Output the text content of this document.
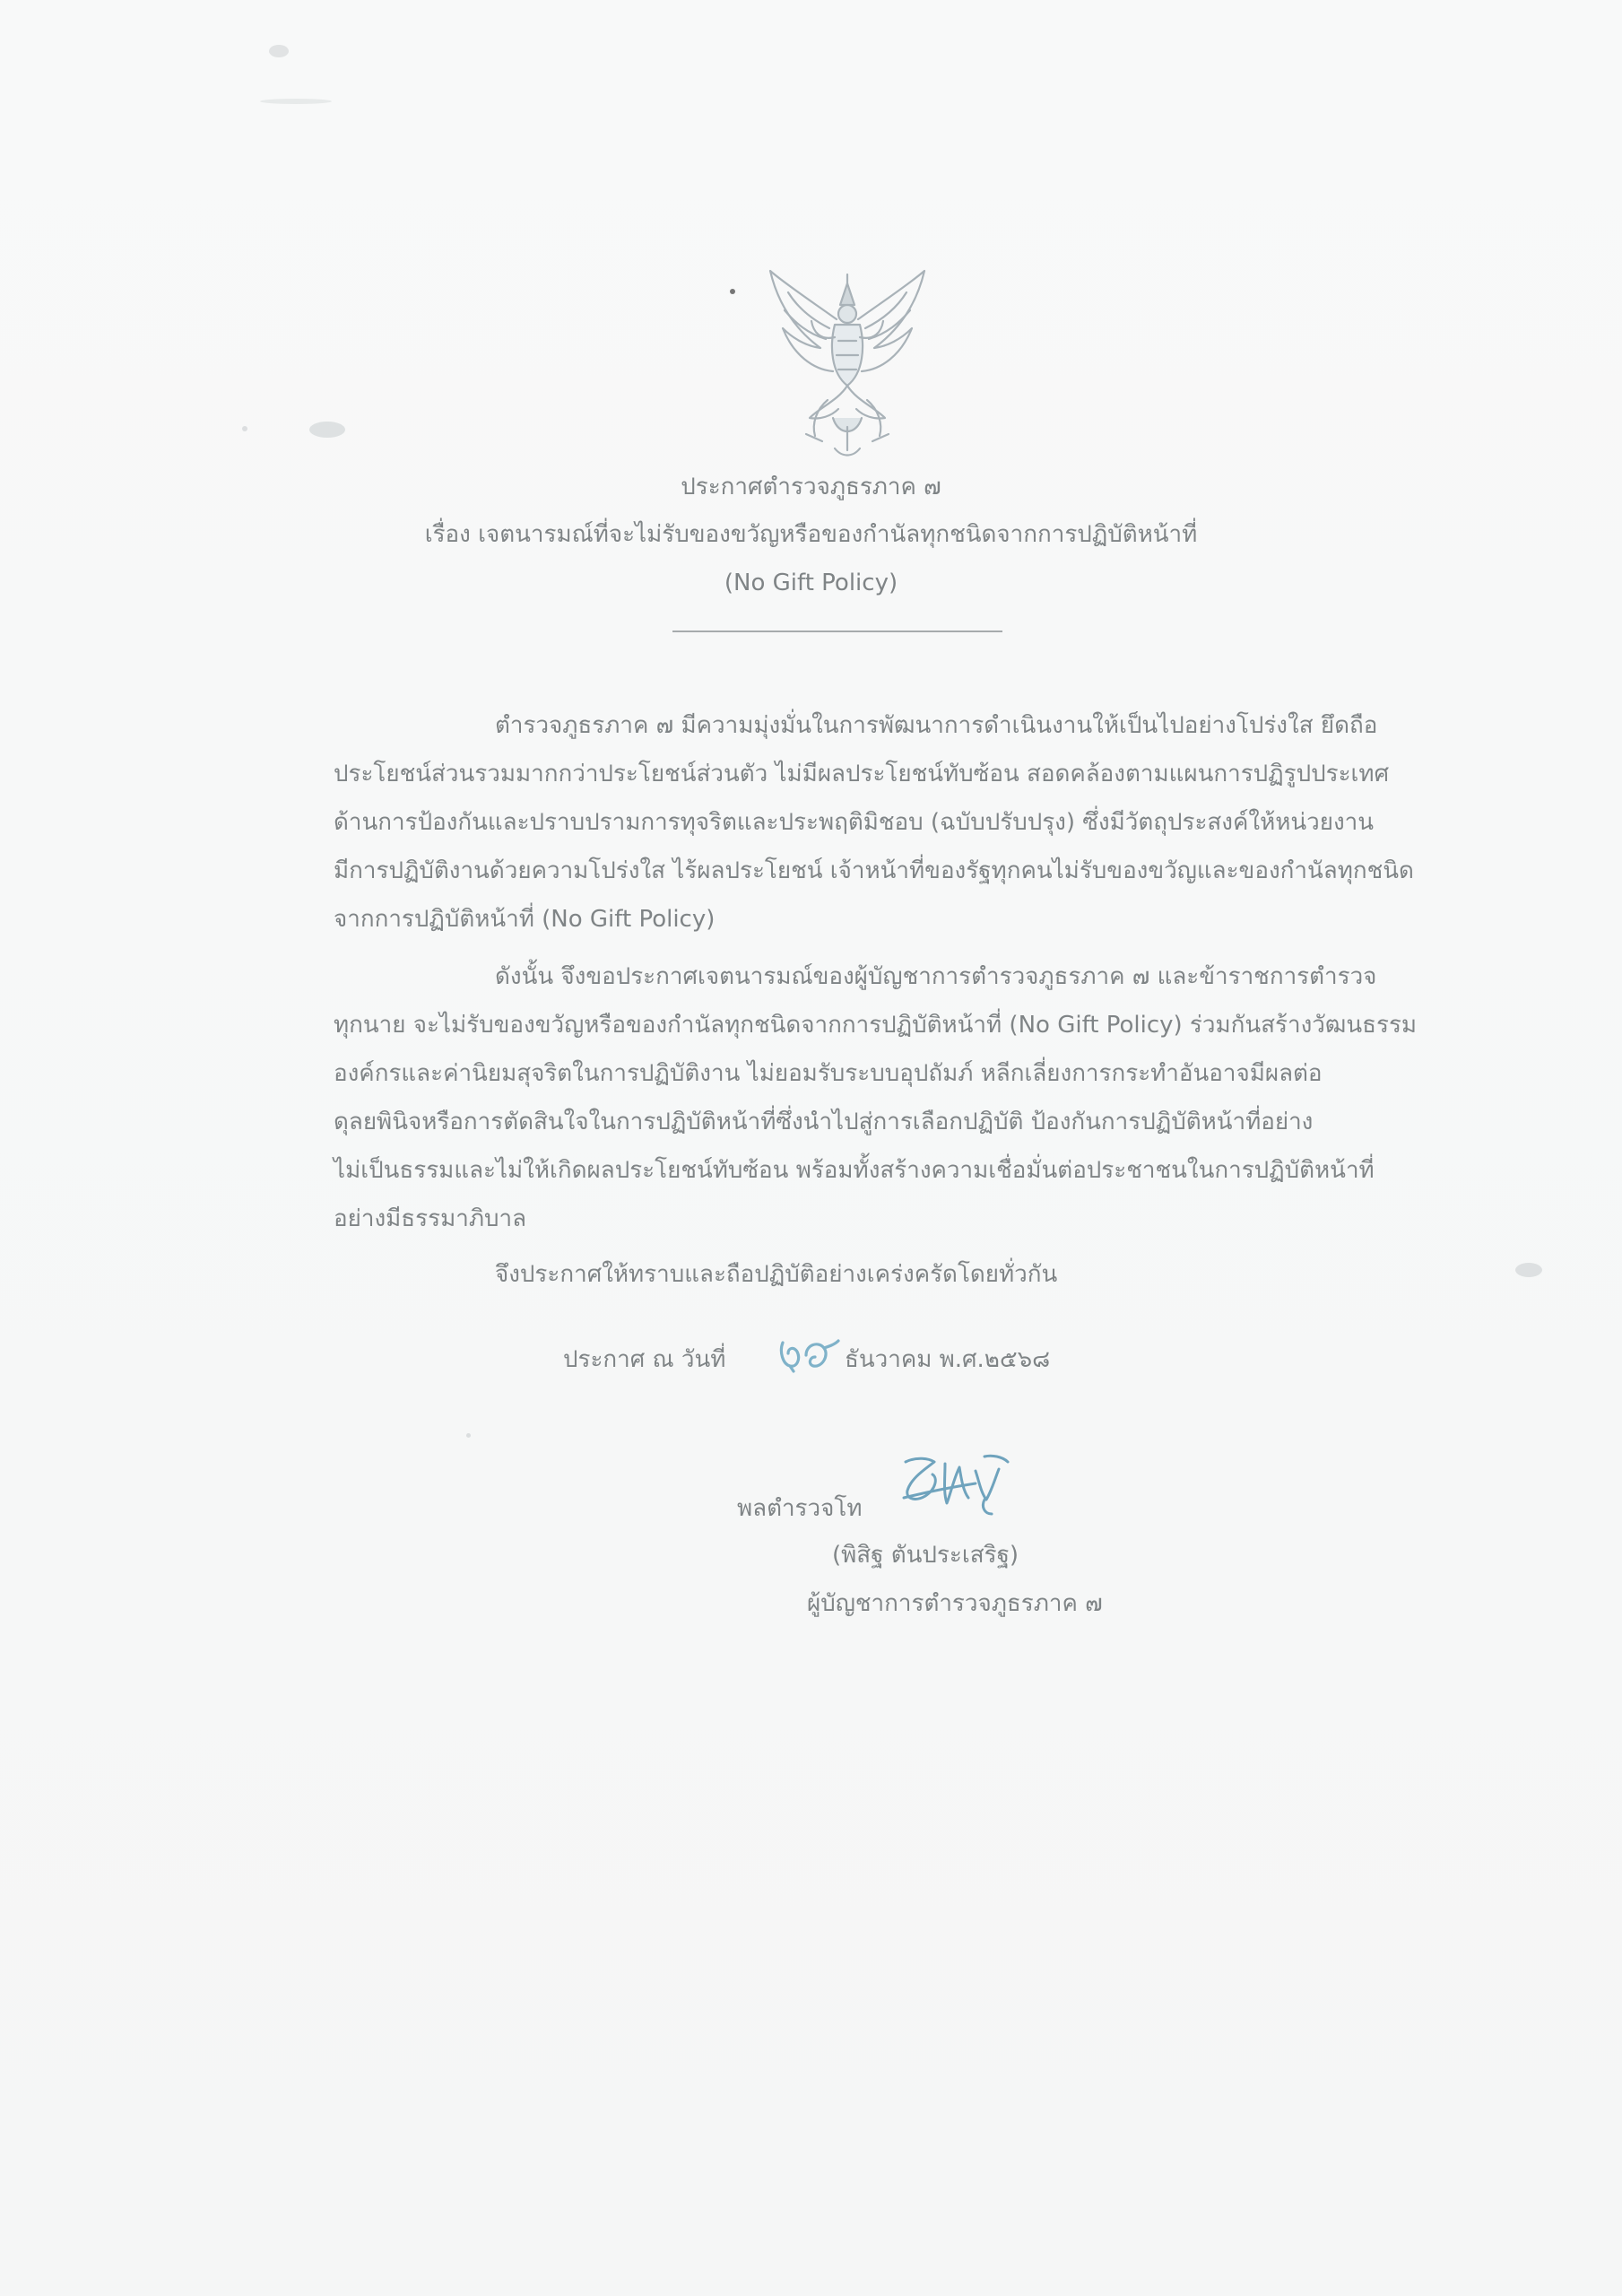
ประกาศตำรวจภูธรภาค ๗
เรื่อง เจตนารมณ์ที่จะไม่รับของขวัญหรือของกำนัลทุกชนิดจากการปฏิบัติหน้าที่
(No Gift Policy)
ตำรวจภูธรภาค ๗ มีความมุ่งมั่นในการพัฒนาการดำเนินงานให้เป็นไปอย่างโปร่งใส ยึดถือ
ประโยชน์ส่วนรวมมากกว่าประโยชน์ส่วนตัว ไม่มีผลประโยชน์ทับซ้อน สอดคล้องตามแผนการปฏิรูปประเทศ
ด้านการป้องกันและปราบปรามการทุจริตและประพฤติมิชอบ (ฉบับปรับปรุง) ซึ่งมีวัตถุประสงค์ให้หน่วยงาน
มีการปฏิบัติงานด้วยความโปร่งใส ไร้ผลประโยชน์ เจ้าหน้าที่ของรัฐทุกคนไม่รับของขวัญและของกำนัลทุกชนิด
จากการปฏิบัติหน้าที่ (No Gift Policy)
ดังนั้น จึงขอประกาศเจตนารมณ์ของผู้บัญชาการตำรวจภูธรภาค ๗ และข้าราชการตำรวจ
ทุกนาย จะไม่รับของขวัญหรือของกำนัลทุกชนิดจากการปฏิบัติหน้าที่ (No Gift Policy) ร่วมกันสร้างวัฒนธรรม
องค์กรและค่านิยมสุจริตในการปฏิบัติงาน ไม่ยอมรับระบบอุปถัมภ์ หลีกเลี่ยงการกระทำอันอาจมีผลต่อ
ดุลยพินิจหรือการตัดสินใจในการปฏิบัติหน้าที่ซึ่งนำไปสู่การเลือกปฏิบัติ ป้องกันการปฏิบัติหน้าที่อย่าง
ไม่เป็นธรรมและไม่ให้เกิดผลประโยชน์ทับซ้อน พร้อมทั้งสร้างความเชื่อมั่นต่อประชาชนในการปฏิบัติหน้าที่
อย่างมีธรรมาภิบาล
จึงประกาศให้ทราบและถือปฏิบัติอย่างเคร่งครัดโดยทั่วกัน
ประกาศ ณ วันที่	ธันวาคม พ.ศ.๒๕๖๘
พลตำรวจโท
(พิสิฐ ตันประเสริฐ)
ผู้บัญชาการตำรวจภูธรภาค ๗
